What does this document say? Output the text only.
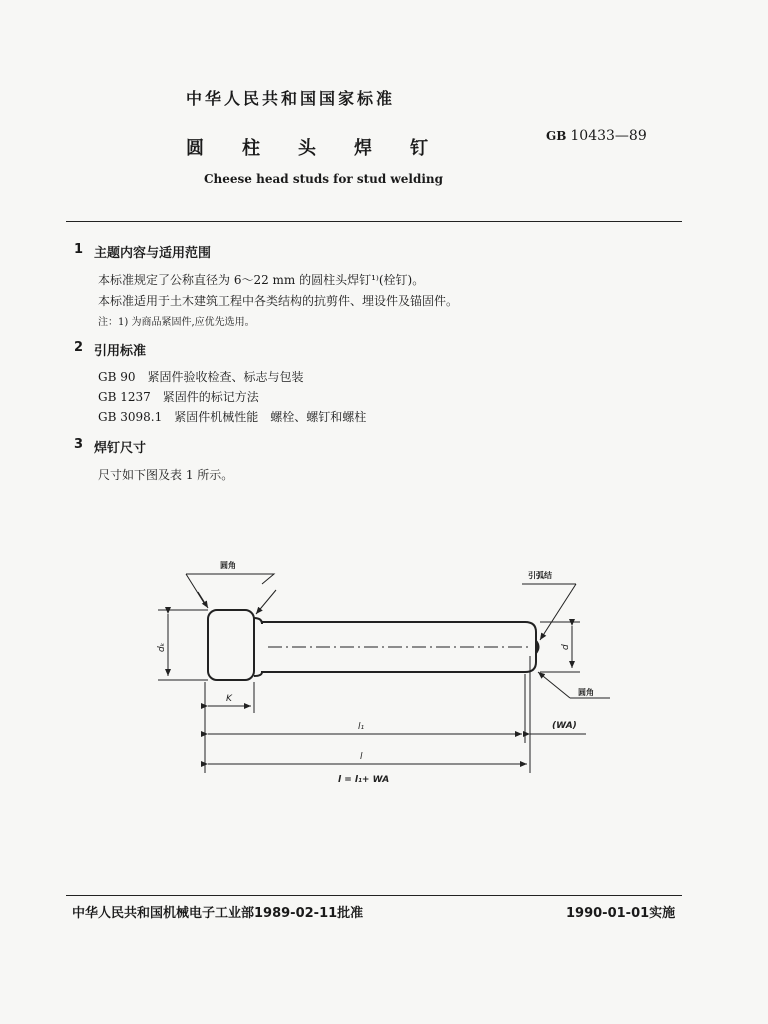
中华人民共和国国家标准
圆柱头焊钉
GB 10433—89
Cheese head studs for stud welding
1 主题内容与适用范围
本标准规定了公称直径为 6～22 mm 的圆柱头焊钉¹⁾(栓钉)。
本标准适用于土木建筑工程中各类结构的抗剪件、埋设件及锚固件。
注：1) 为商品紧固件,应优先选用。
2 引用标准
GB 90　紧固件验收检查、标志与包装
GB 1237　紧固件的标记方法
GB 3098.1　紧固件机械性能　螺栓、螺钉和螺柱
3 焊钉尺寸
尺寸如下图及表 1 所示。
圆角
引弧结
圆角
dₖ	d
K
l₁	(WA)
l
l = l₁+ WA
中华人民共和国机械电子工业部1989-02-11批准	1990-01-01实施
